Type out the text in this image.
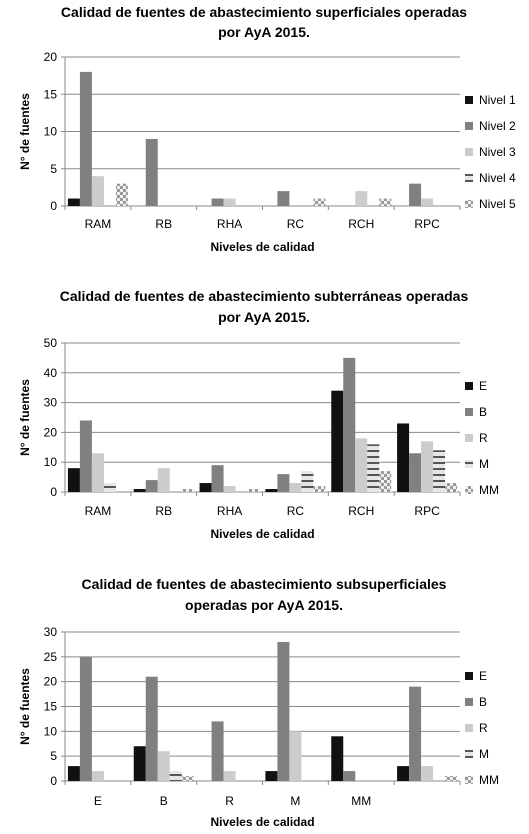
Calidad de fuentes de abastecimiento superficiales operadas
por AyA 2015.
0
5
10
15
20
RAM	RB	RHA	RC	RCH	RPC
Niveles de calidad
N° de fuentes	Nivel 1
Nivel 2
Nivel 3
Nivel 4
Nivel 5
Calidad de fuentes de abastecimiento subterráneas operadas
por AyA 2015.
0
10
20
30
40
50
RAM	RB	RHA	RC	RCH	RPC
Niveles de calidad
N° de fuentes	E
B
R
M
MM
Calidad de fuentes de abastecimiento subsuperficiales
operadas por AyA 2015.
0
5
10
15
20
25
30
E	B	R	M	MM
Niveles de calidad
N° de fuentes	E
B
R
M
MM
